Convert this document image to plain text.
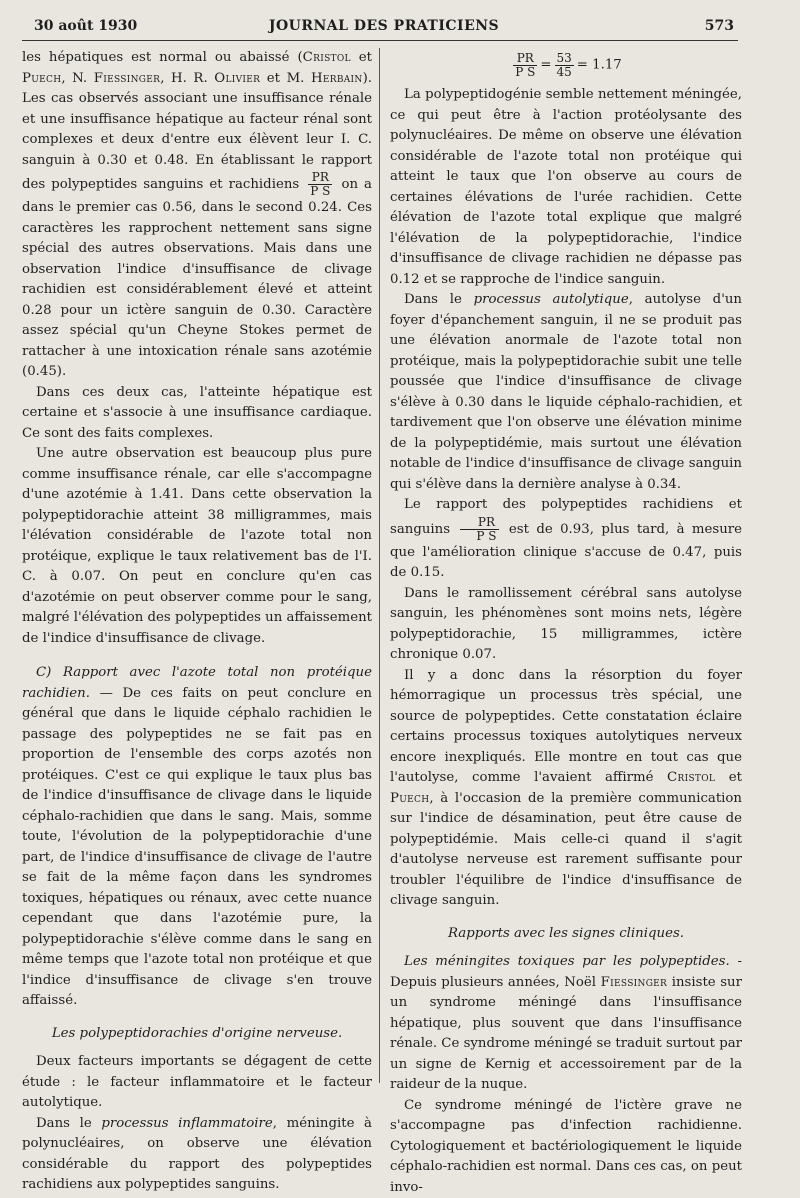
30 août 1930	JOURNAL DES PRATICIENS	573

les hépatiques est normal ou abaissé (Cristol et Puech, N. Fiessinger, H. R. Olivier et M. Herbain). Les cas observés associant une insuffisance rénale et une insuffisance hépatique au facteur rénal sont complexes et deux d'entre eux élèvent leur I. C. sanguin à 0.30 et 0.48. En établissant le rapport des polypeptides sanguins et rachidiens $\frac{PR}{\text{P S}}$ on a dans le premier cas 0.56, dans le second 0.24. Ces caractères les rapprochent nettement sans signe spécial des autres observations. Mais dans une observation l'indice d'insuffisance de clivage rachidien est considérablement élevé et atteint 0.28 pour un ictère sanguin de 0.30. Caractère assez spécial qu'un Cheyne Stokes permet de rattacher à une intoxication rénale sans azotémie (0.45).

Dans ces deux cas, l'atteinte hépatique est certaine et s'associe à une insuffisance cardiaque. Ce sont des faits complexes.

Une autre observation est beaucoup plus pure comme insuffisance rénale, car elle s'accompagne d'une azotémie à 1.41. Dans cette observation la polypeptidorachie atteint 38 milligrammes, mais l'élévation considérable de l'azote total non protéique, explique le taux relativement bas de l'I. C. à 0.07. On peut en conclure qu'en cas d'azotémie on peut observer comme pour le sang, malgré l'élévation des polypeptides un affaissement de l'indice d'insuffisance de clivage.

C) Rapport avec l'azote total non protéique rachidien. — De ces faits on peut conclure en général que dans le liquide céphalo rachidien le passage des polypeptides ne se fait pas en proportion de l'ensemble des corps azotés non protéiques. C'est ce qui explique le taux plus bas de l'indice d'insuffisance de clivage dans le liquide céphalo-rachidien que dans le sang. Mais, somme toute, l'évolution de la polypeptidorachie d'une part, de l'indice d'insuffisance de clivage de l'autre se fait de la même façon dans les syndromes toxiques, hépatiques ou rénaux, avec cette nuance cependant que dans l'azotémie pure, la polypeptidorachie s'élève comme dans le sang en même temps que l'azote total non protéique et que l'indice d'insuffisance de clivage s'en trouve affaissé.

Les polypeptidorachies d'origine nerveuse.

Deux facteurs importants se dégagent de cette étude : le facteur inflammatoire et le facteur autolytique.

Dans le processus inflammatoire, méningite à polynucléaires, on observe une élévation considérable du rapport des polypeptides rachidiens aux polypeptides sanguins.

$\frac{PR}{\text{P S}} = \frac{53}{45} = 1.17$

La polypeptidogénie semble nettement méningée, ce qui peut être à l'action protéolysante des polynucléaires. De même on observe une élévation considérable de l'azote total non protéique qui atteint le taux que l'on observe au cours de certaines élévations de l'urée rachidien. Cette élévation de l'azote total explique que malgré l'élévation de la polypeptidorachie, l'indice d'insuffisance de clivage rachidien ne dépasse pas 0.12 et se rapproche de l'indice sanguin.

Dans le processus autolytique, autolyse d'un foyer d'épanchement sanguin, il ne se produit pas une élévation anormale de l'azote total non protéique, mais la polypeptidorachie subit une telle poussée que l'indice d'insuffisance de clivage s'élève à 0.30 dans le liquide céphalo-rachidien, et tardivement que l'on observe une élévation minime de la polypeptidémie, mais surtout une élévation notable de l'indice d'insuffisance de clivage sanguin qui s'élève dans la dernière analyse à 0.34.

Le rapport des polypeptides rachidiens et sanguins $\frac{PR}{\text{P S}}$ est de 0.93, plus tard, à mesure que l'amélioration clinique s'accuse de 0.47, puis de 0.15.

Dans le ramollissement cérébral sans autolyse sanguin, les phénomènes sont moins nets, légère polypeptidorachie, 15 milligrammes, ictère chronique 0.07.

Il y a donc dans la résorption du foyer hémorragique un processus très spécial, une source de polypeptides. Cette constatation éclaire certains processus toxiques autolytiques nerveux encore inexpliqués. Elle montre en tout cas que l'autolyse, comme l'avaient affirmé Cristol et Puech, à l'occasion de la première communication sur l'indice de désamination, peut être cause de polypeptidémie. Mais celle-ci quand il s'agit d'autolyse nerveuse est rarement suffisante pour troubler l'équilibre de l'indice d'insuffisance de clivage sanguin.

Rapports avec les signes cliniques.

Les méningites toxiques par les polypeptides. - Depuis plusieurs années, Noël Fiessinger insiste sur un syndrome méningé dans l'insuffisance hépatique, plus souvent que dans l'insuffisance rénale. Ce syndrome méningé se traduit surtout par un signe de Kernig et accessoirement par de la raideur de la nuque.

Ce syndrome méningé de l'ictère grave ne s'accompagne pas d'infection rachidienne. Cytologiquement et bactériologiquement le liquide céphalo-rachidien est normal. Dans ces cas, on peut invo-
